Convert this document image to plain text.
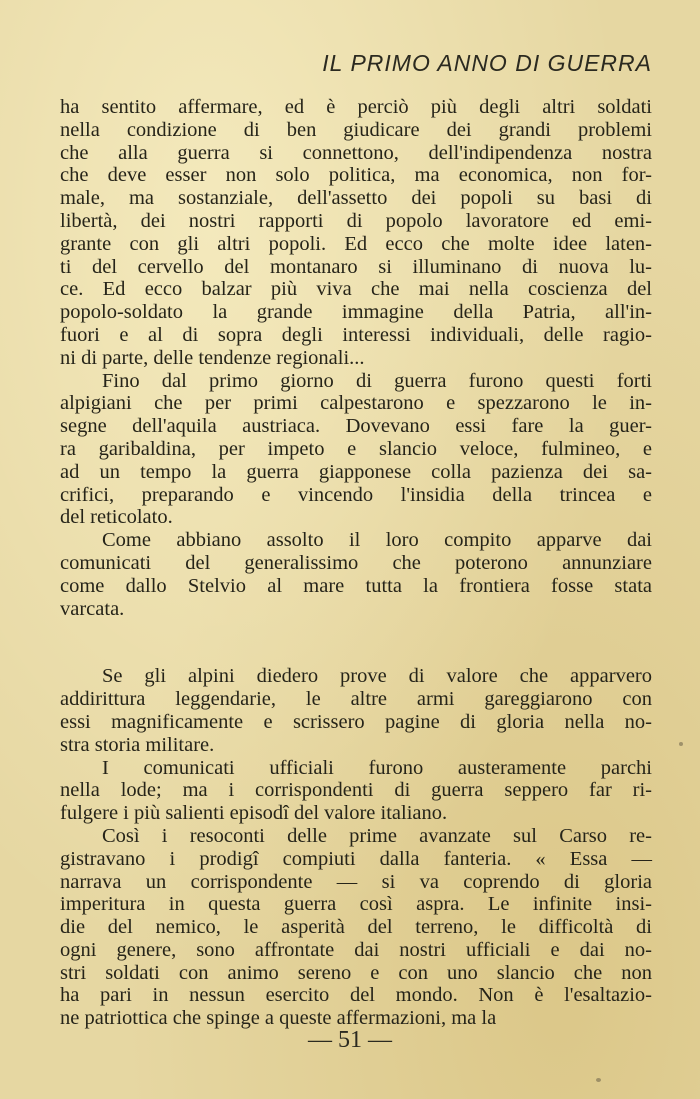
IL PRIMO ANNO DI GUERRA
ha sentito affermare, ed è perciò più degli altri soldati
nella condizione di ben giudicare dei grandi problemi
che alla guerra si connettono, dell'indipendenza nostra
che deve esser non solo politica, ma economica, non for-
male, ma sostanziale, dell'assetto dei popoli su basi di
libertà, dei nostri rapporti di popolo lavoratore ed emi-
grante con gli altri popoli. Ed ecco che molte idee laten-
ti del cervello del montanaro si illuminano di nuova lu-
ce. Ed ecco balzar più viva che mai nella coscienza del
popolo-soldato la grande immagine della Patria, all'in-
fuori e al di sopra degli interessi individuali, delle ragio-
ni di parte, delle tendenze regionali...
Fino dal primo giorno di guerra furono questi forti
alpigiani che per primi calpestarono e spezzarono le in-
segne dell'aquila austriaca. Dovevano essi fare la guer-
ra garibaldina, per impeto e slancio veloce, fulmineo, e
ad un tempo la guerra giapponese colla pazienza dei sa-
crifici, preparando e vincendo l'insidia della trincea e
del reticolato.
Come abbiano assolto il loro compito apparve dai
comunicati del generalissimo che poterono annunziare
come dallo Stelvio al mare tutta la frontiera fosse stata
varcata.
Se gli alpini diedero prove di valore che apparvero
addirittura leggendarie, le altre armi gareggiarono con
essi magnificamente e scrissero pagine di gloria nella no-
stra storia militare.
I comunicati ufficiali furono austeramente parchi
nella lode; ma i corrispondenti di guerra seppero far ri-
fulgere i più salienti episodî del valore italiano.
Così i resoconti delle prime avanzate sul Carso re-
gistravano i prodigî compiuti dalla fanteria. « Essa —
narrava un corrispondente — si va coprendo di gloria
imperitura in questa guerra così aspra. Le infinite insi-
die del nemico, le asperità del terreno, le difficoltà di
ogni genere, sono affrontate dai nostri ufficiali e dai no-
stri soldati con animo sereno e con uno slancio che non
ha pari in nessun esercito del mondo. Non è l'esaltazio-
ne patriottica che spinge a queste affermazioni, ma la
— 51 —
